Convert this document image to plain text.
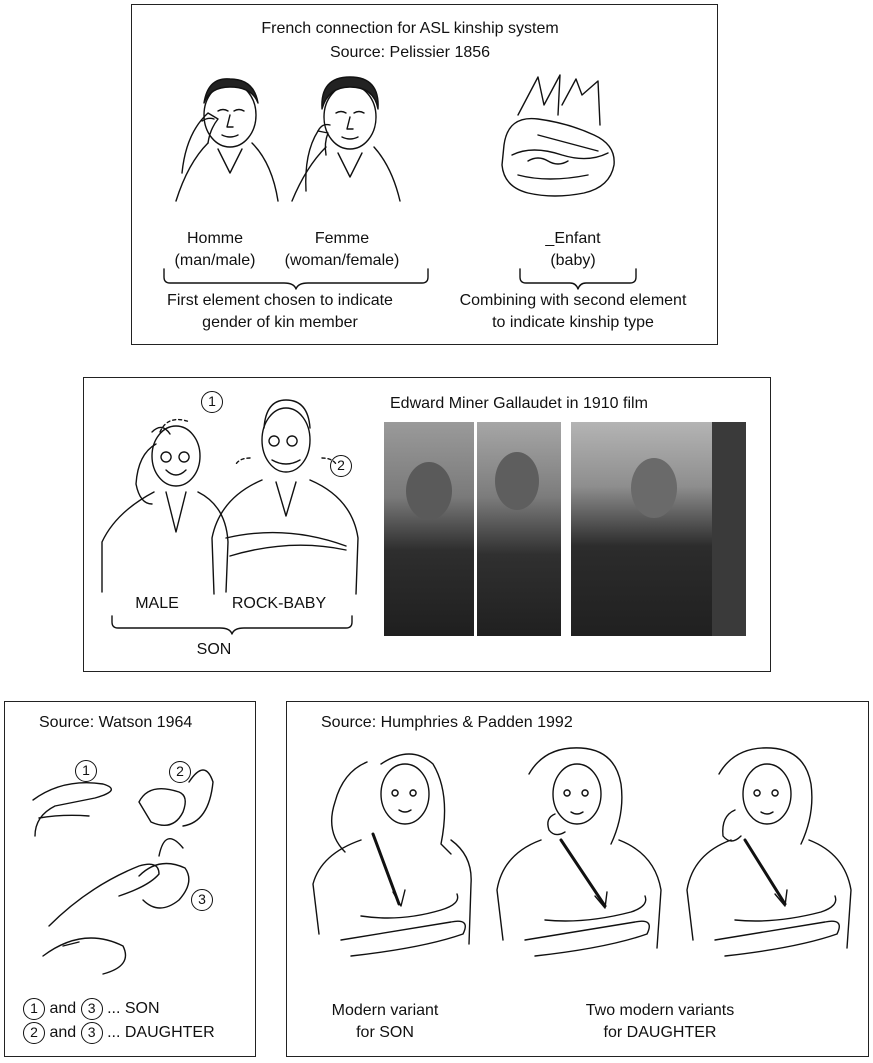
French connection for ASL kinship system
Source: Pelissier 1856
Homme
(man/male)
Femme
(woman/female)
_Enfant
(baby)
First element chosen to indicate
gender of kin member
Combining with second element
to indicate kinship type
1
2
MALE	ROCK-BABY
SON
Edward Miner Gallaudet in 1910 film
Source: Watson 1964
1	2
3
1 and 3 ... SON
2 and 3 ... DAUGHTER
Source: Humphries & Padden 1992
Modern variant
for SON
Two modern variants
for DAUGHTER
